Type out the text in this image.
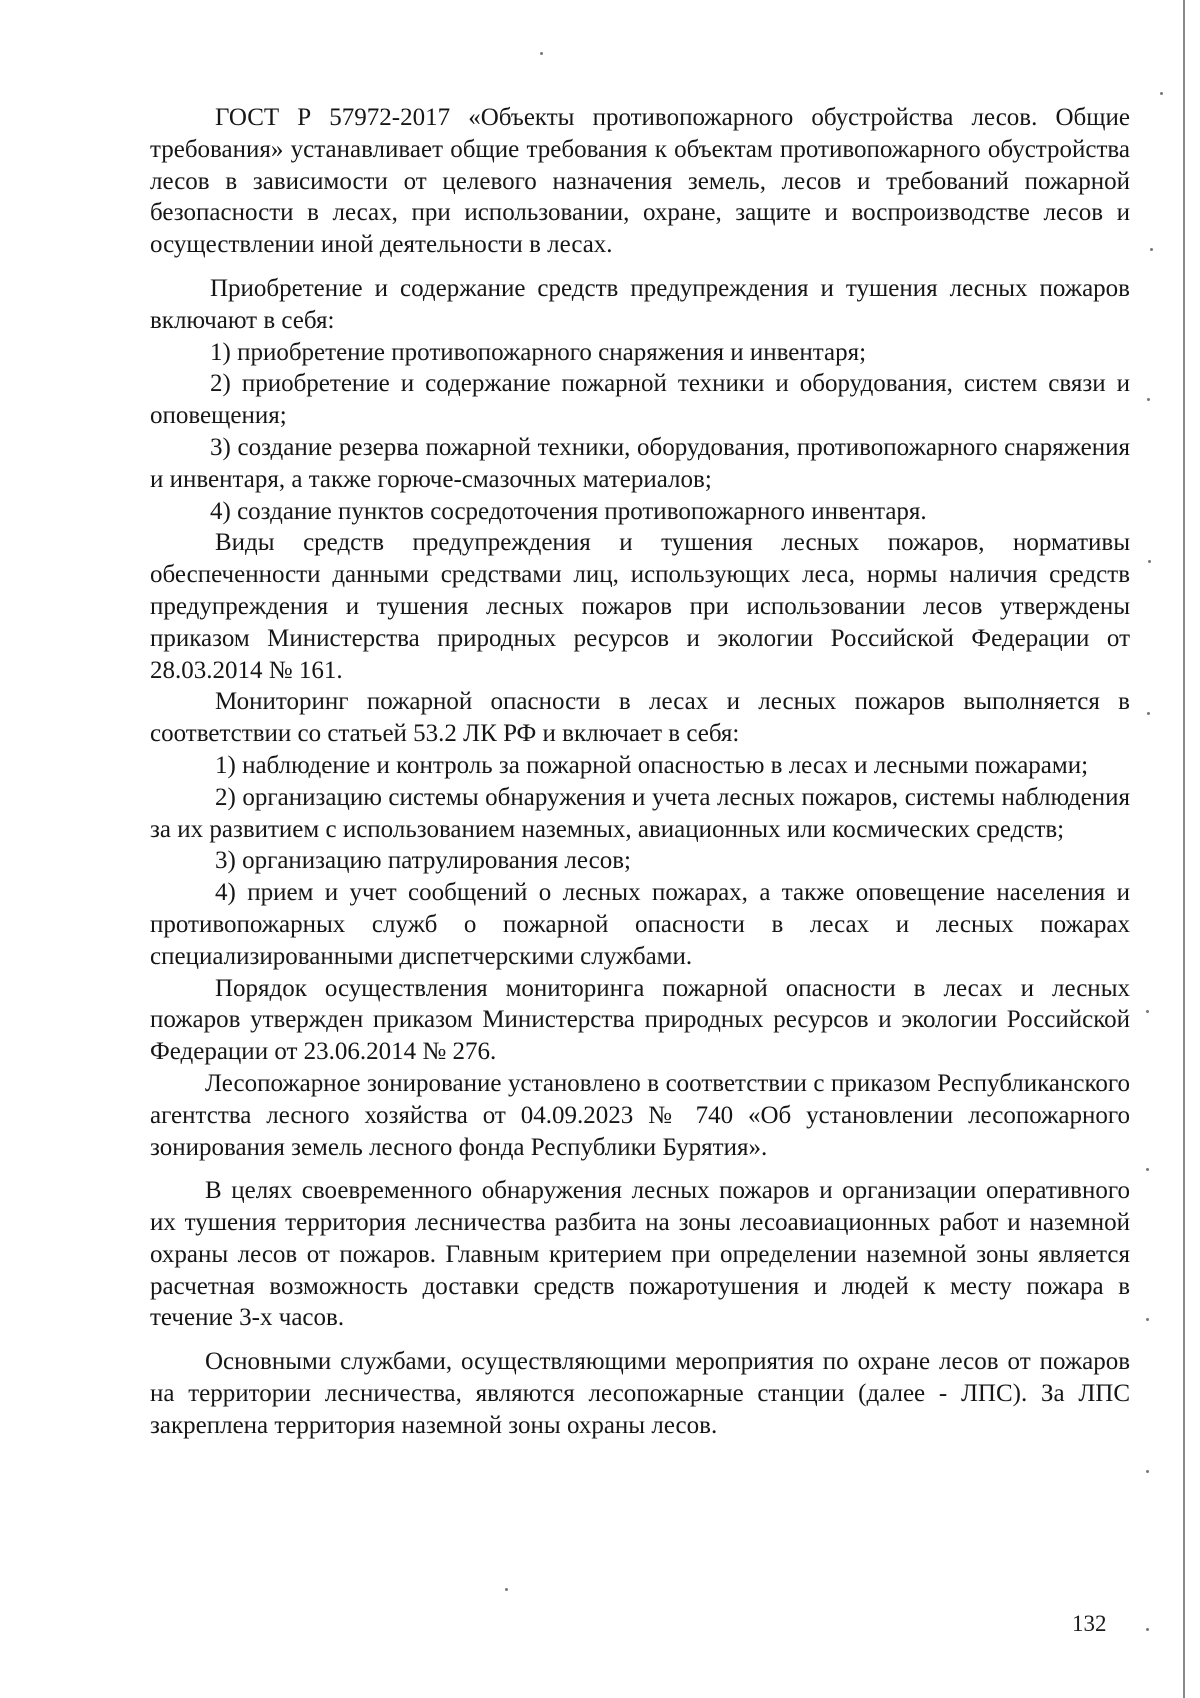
ГОСТ Р 57972-2017 «Объекты противопожарного обустройства лесов. Общие требования» устанавливает общие требования к объектам противопожарного обустройства лесов в зависимости от целевого назначения земель, лесов и требований пожарной безопасности в лесах, при использовании, охране, защите и воспроизводстве лесов и осуществлении иной деятельности в лесах.

Приобретение и содержание средств предупреждения и тушения лесных пожаров включают в себя:

1) приобретение противопожарного снаряжения и инвентаря;

2) приобретение и содержание пожарной техники и оборудования, систем связи и оповещения;

3) создание резерва пожарной техники, оборудования, противопожарного снаряжения и инвентаря, а также горюче-смазочных материалов;

4) создание пунктов сосредоточения противопожарного инвентаря.

Виды средств предупреждения и тушения лесных пожаров, нормативы обеспеченности данными средствами лиц, использующих леса, нормы наличия средств предупреждения и тушения лесных пожаров при использовании лесов утверждены приказом Министерства природных ресурсов и экологии Российской Федерации от 28.03.2014 № 161.

Мониторинг пожарной опасности в лесах и лесных пожаров выполняется в соответствии со статьей 53.2 ЛК РФ и включает в себя:

1) наблюдение и контроль за пожарной опасностью в лесах и лесными пожарами;

2) организацию системы обнаружения и учета лесных пожаров, системы наблюдения за их развитием с использованием наземных, авиационных или космических средств;

3) организацию патрулирования лесов;

4) прием и учет сообщений о лесных пожарах, а также оповещение населения и противопожарных служб о пожарной опасности в лесах и лесных пожарах специализированными диспетчерскими службами.

Порядок осуществления мониторинга пожарной опасности в лесах и лесных пожаров утвержден приказом Министерства природных ресурсов и экологии Российской Федерации от 23.06.2014 № 276.

Лесопожарное зонирование установлено в соответствии с приказом Республиканского агентства лесного хозяйства от 04.09.2023 № 740 «Об установлении лесопожарного зонирования земель лесного фонда Республики Бурятия».

В целях своевременного обнаружения лесных пожаров и организации оперативного их тушения территория лесничества разбита на зоны лесоавиационных работ и наземной охраны лесов от пожаров. Главным критерием при определении наземной зоны является расчетная возможность доставки средств пожаротушения и людей к месту пожара в течение 3-х часов.

Основными службами, осуществляющими мероприятия по охране лесов от пожаров на территории лесничества, являются лесопожарные станции (далее - ЛПС). За ЛПС закреплена территория наземной зоны охраны лесов.

132
